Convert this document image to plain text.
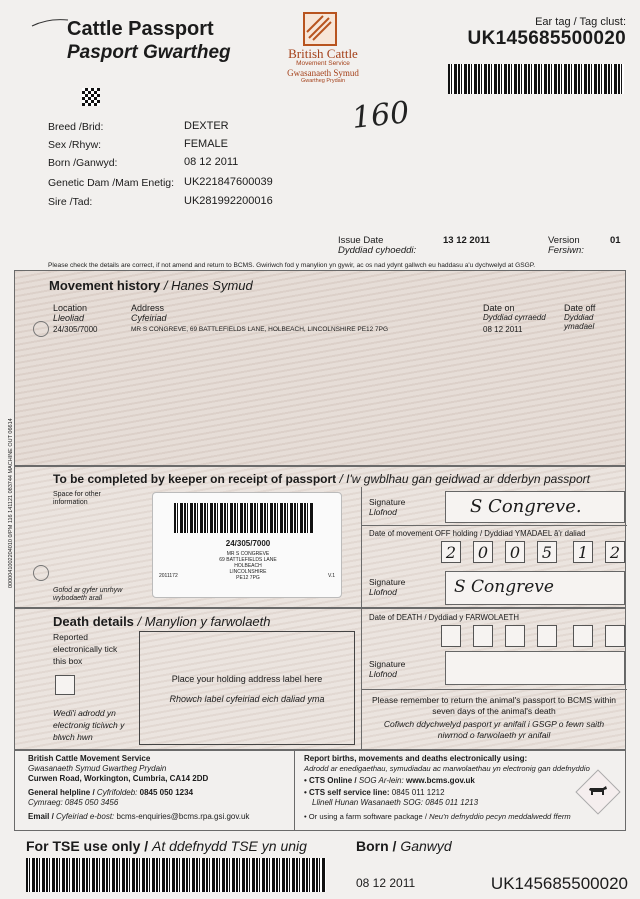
Cattle Passport
Pasport Gwartheg	British Cattle
Movement Service
Gwasanaeth Symud
Gwartheg Prydain
Ear tag / Tag clust:
UK145685500020
Breed /Brid:	DEXTER
Sex /Rhyw:	FEMALE
Born /Ganwyd:	08 12 2011
Genetic Dam /Mam Enetig: UK221847600039
Sire /Tad:	UK281992200016
160
Issue Date
Dyddiad cyhoeddi:
13 12 2011	Version
Fersiwn:
01
Please check the details are correct, if not amend and return to BCMS. Gwiriwch fod y manylion yn gywir, ac os nad ydynt gallwch eu haddasu a'u dychwelyd at GSGP.
Movement history / Hanes Symud
Location
Lleoliad
Address
Cyfeiriad
Date on
Dyddiad cyrraedd
Date off
Dyddiad ymadael
24/305/7000	MR S CONGREVE, 69 BATTLEFIELDS LANE, HOLBEACH, LINCOLNSHIRE PE12 7PG	08 12 2011
0000041002204010 0/PM 116 141121 083744 MACHINE OUT 06614	To be completed by keeper on receipt of passport / I'w gwblhau gan geidwad ar dderbyn passport
Space for other information
Gofod ar gyfer unrhyw wybodaeth arall
Signature
Llofnod	S Congreve.
Date of movement OFF holding / Dyddiad YMADAEL â'r daliad
2	0	0	5	1	2
Signature
Llofnod	S Congreve
24/305/7000
MR S CONGREVE
69 BATTLEFIELDS LANE
HOLBEACH
LINCOLNSHIRE
PE12 7PG
2011172	V.1
Death details / Manylion y farwolaeth
Reported electronically tick this box
Wedi'i adrodd yn electronig ticiwch y blwch hwn
Place your holding address label here
Rhowch label cyfeiriad eich daliad yma
Date of DEATH / Dyddiad y FARWOLAETH
Signature
Llofnod
Please remember to return the animal's passport to BCMS within seven days of the animal's death
Cofiwch ddychwelyd pasport yr anifail i GSGP o fewn saith niwrnod o farwolaeth yr anifail
British Cattle Movement Service
Gwasanaeth Symud Gwartheg Prydain
Curwen Road, Workington, Cumbria, CA14 2DD
General helpline / Cyfrifoldeb: 0845 050 1234
Cymraeg: 0845 050 3456
Email / Cyfeiriad e-bost: bcms-enquiries@bcms.rpa.gsi.gov.uk
Report births, movements and deaths electronically using:
Adrodd ar enedigaethau, symudiadau ac marwolaethau yn electronig gan ddefnyddio
• CTS Online / SOG Ar-lein: www.bcms.gov.uk
• CTS self service line: 0845 011 1212
Llinell Hunan Wasanaeth SOG: 0845 011 1213
• Or using a farm software package / Neu'n defnyddio pecyn meddalwedd fferm
For TSE use only / At ddefnydd TSE yn unig	Born / Ganwyd
08 12 2011	UK145685500020
